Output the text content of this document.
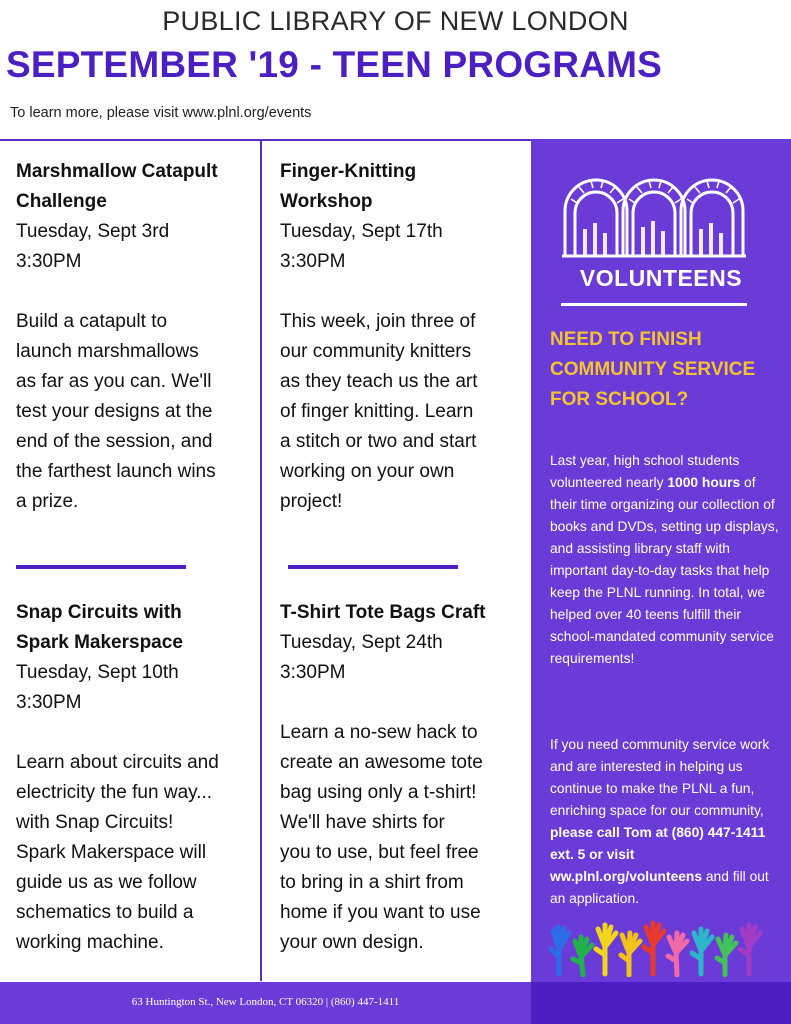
PUBLIC LIBRARY OF NEW LONDON
SEPTEMBER '19 - TEEN PROGRAMS
To learn more, please visit www.plnl.org/events
Marshmallow Catapult
Challenge
Tuesday, Sept 3rd
3:30PM
Build a catapult to
launch marshmallows
as far as you can. We'll
test your designs at the
end of the session, and
the farthest launch wins
a prize.
Finger-Knitting
Workshop
Tuesday, Sept 17th
3:30PM
This week, join three of
our community knitters
as they teach us the art
of finger knitting. Learn
a stitch or two and start
working on your own
project!
Snap Circuits with
Spark Makerspace
Tuesday, Sept 10th
3:30PM
Learn about circuits and
electricity the fun way...
with Snap Circuits!
Spark Makerspace will
guide us as we follow
schematics to build a
working machine.
T-Shirt Tote Bags Craft
Tuesday, Sept 24th
3:30PM
Learn a no-sew hack to
create an awesome tote
bag using only a t-shirt!
We'll have shirts for
you to use, but feel free
to bring in a shirt from
home if you want to use
your own design.
VOLUNTEENS
NEED TO FINISH COMMUNITY SERVICE FOR SCHOOL?
Last year, high school students volunteered nearly 1000 hours of their time organizing our collection of books and DVDs, setting up displays, and assisting library staff with important day-to-day tasks that help keep the PLNL running. In total, we helped over 40 teens fulfill their school-mandated community service requirements!
If you need community service work and are interested in helping us continue to make the PLNL a fun, enriching space for our community, please call Tom at (860) 447-1411 ext. 5 or visit ww.plnl.org/volunteens and fill out an application.
63 Huntington St., New London, CT 06320 | (860) 447-1411
